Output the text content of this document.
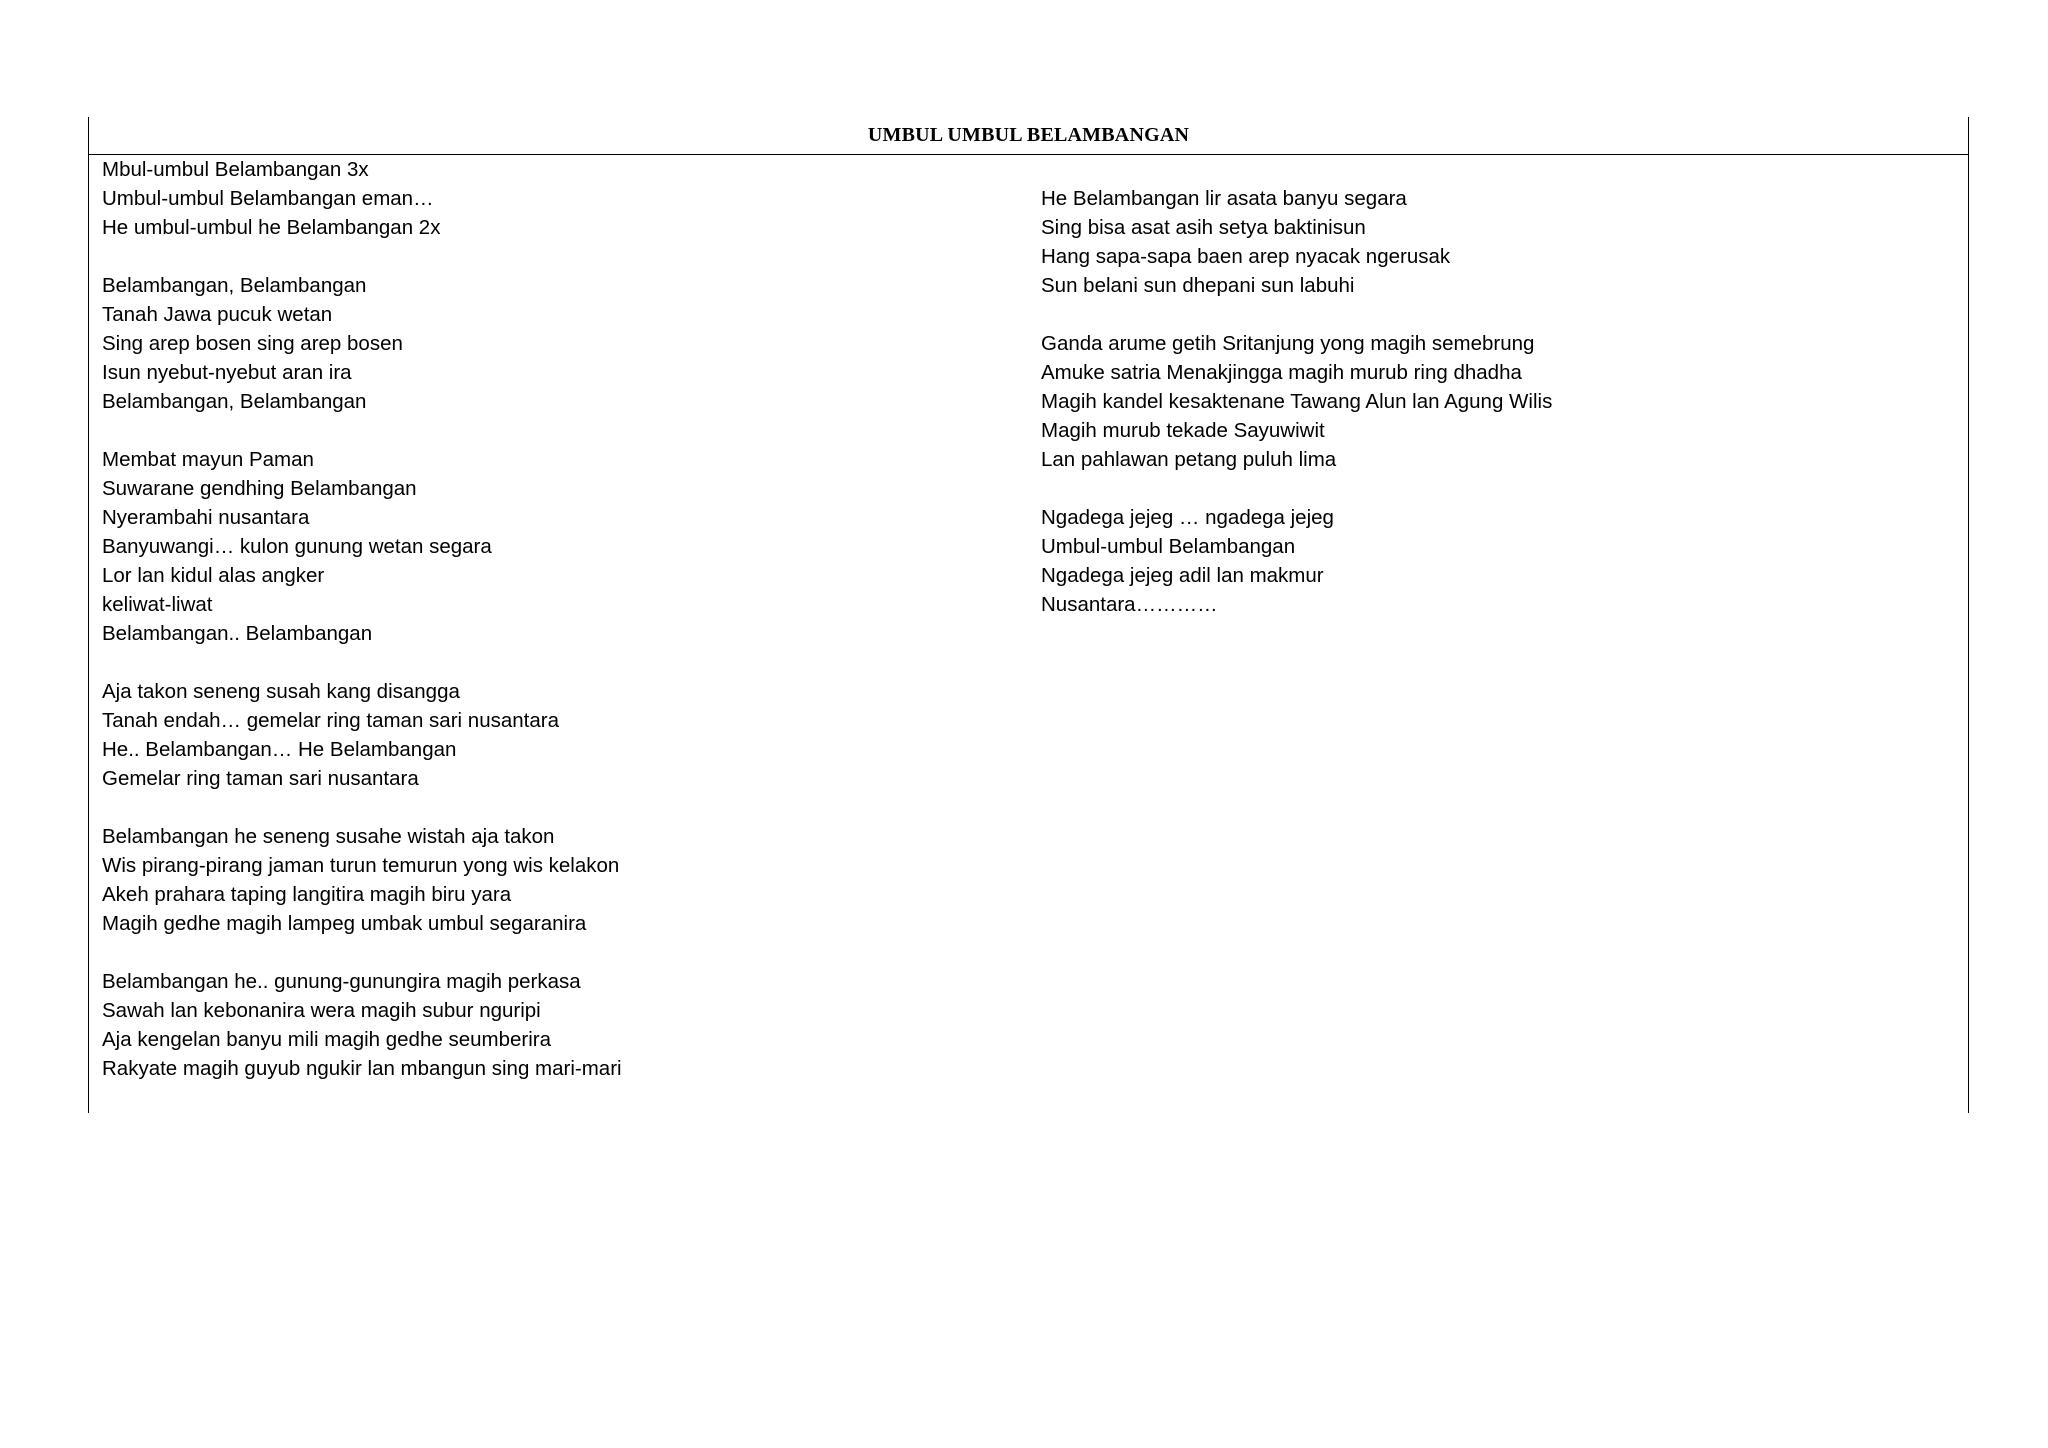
UMBUL UMBUL BELAMBANGAN
Mbul-umbul Belambangan 3x
Umbul-umbul Belambangan eman…
He umbul-umbul he Belambangan 2x
Belambangan, Belambangan
Tanah Jawa pucuk wetan
Sing arep bosen sing arep bosen
Isun nyebut-nyebut aran ira
Belambangan, Belambangan
Membat mayun Paman
Suwarane gendhing Belambangan
Nyerambahi nusantara
Banyuwangi… kulon gunung wetan segara
Lor lan kidul alas angker
keliwat-liwat
Belambangan.. Belambangan
Aja takon seneng susah kang disangga
Tanah endah… gemelar ring taman sari nusantara
He.. Belambangan… He Belambangan
Gemelar ring taman sari nusantara
Belambangan he seneng susahe wistah aja takon
Wis pirang-pirang jaman turun temurun yong wis kelakon
Akeh prahara taping langitira magih biru yara
Magih gedhe magih lampeg umbak umbul segaranira
Belambangan he.. gunung-gunungira magih perkasa
Sawah lan kebonanira wera magih subur nguripi
Aja kengelan banyu mili magih gedhe seumberira
Rakyate magih guyub ngukir lan mbangun sing mari-mari
He Belambangan lir asata banyu segara
Sing bisa asat asih setya baktinisun
Hang sapa-sapa baen arep nyacak ngerusak
Sun belani sun dhepani sun labuhi
Ganda arume getih Sritanjung yong magih semebrung
Amuke satria Menakjingga magih murub ring dhadha
Magih kandel kesaktenane Tawang Alun lan Agung Wilis
Magih murub tekade Sayuwiwit
Lan pahlawan petang puluh lima
Ngadega jejeg … ngadega jejeg
Umbul-umbul Belambangan
Ngadega jejeg adil lan makmur
Nusantara…………
